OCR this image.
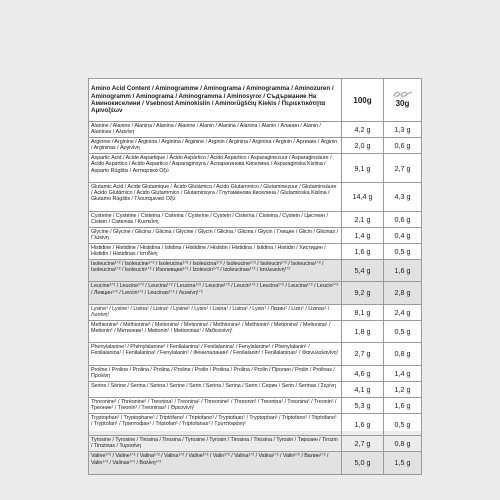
Amino Acid Content / Aminogramme / Aminograma / Aminogramma / Aminozuren / Aminogramm / Aminograma / Aminogramma / Aminosyror / Съдържание На Аминокиселини / Vsebnost Aminokislin / Aminorūgščių Kiekis / Περιεκτικότητα Αμινοξέων	100g	30g
Alanine / Alanine / Alanina / Alanina / Alanine / Alanin / Alanina / Alanina / Alanin / Аланин / Alanin / Alaninas / Αλανίνη	4,2 g	1,3 g
Arginine / Arginine / Arginina / Arginina / Arginine / Arginin / Arginina / Arginina / Arginin / Аргинин / Arginin / Argininas / Αργινίνη	2,0 g	0,6 g
Aspartic Acid / Acide Aspartique / Ácido Aspártico / Acido Aspartico / Asparaginezuur / Asparaginsäure / Ácido Aspártico / Acido Aspartico / Asparaginsyra / Аспарагинова Киселина / Asparaginska Kislina / Asparto Rūgštis / Ασπαρτικό Οξύ	9,1 g	2,7 g
Glutamic Acid / Acide Glutamique / Ácido Glutámico / Acido Glutammico / Glutaminezuur / Glutaminsäure / Ácido Glutâmico / Acido Glutammico / Glutaminsyra / Глутаминова Киселина / Glutaminska Kislina / Glutamo Rūgštis / Γλουταμινικό Οξύ	14,4 g	4,3 g
Cysteine / Cystéine / Cisteína / Cisteina / Cysteïne / Cystein / Cisteína / Cisteina / Cystein / Цистеин / Cistein / Cisteinas / Κυστεΐνη	2,1 g	0,6 g
Glycine / Glycine / Glicina / Glicina / Glycine / Glycin / Glicina / Glicina / Glycin / Глицин / Glicin / Glicinas / Γλυκίνη	1,4 g	0,4 g
Histidine / Histidine / Histidina / Istidina / Histidine / Histidin / Histidina / Istidina / Histidin / Хистидин / Histidin / Histidinas / Ιστιδίνη	1,6 g	0,5 g
Isoleucine¹ᐟ² / Isoleucine¹ᐟ² / Isoleucina¹ᐟ² / Isoleucina¹ᐟ² / Isoleucine¹ᐟ² / Isoleucin¹ᐟ² / Isoleucina¹ᐟ² / Isoleucina¹ᐟ² / Isoleucin¹ᐟ² / Изолевцин¹ᐟ² / Izolevcin¹ᐟ² / Izoleucinas¹ᐟ² / Ισολευκίνη¹ᐟ²	5,4 g	1,6 g
Leucine¹ᐟ² / Leucine¹ᐟ² / Leucina¹ᐟ² / Leucina¹ᐟ² / Leucine¹ᐟ² / Leucin¹ᐟ² / Leucina¹ᐟ² / Leucina¹ᐟ² / Leucin¹ᐟ² / Левцин¹ᐟ² / Levcin¹ᐟ² / Leucinas¹ᐟ² / Λευκίνη¹ᐟ²	9,2 g	2,8 g
Lysine¹ / Lysine¹ / Lisina¹ / Lisina¹ / Lysine¹ / Lysin¹ / Lisina¹ / Lisina¹ / Lysin¹ / Лизин¹ / Lizin¹ / Lizinas¹ / Λυσίνη¹	8,1 g	2,4 g
Methionine¹ / Méthionine¹ / Metionina¹ / Metionina¹ / Methionine¹ / Methionin¹ / Metionina¹ / Metionina¹ / Metionin¹ / Метионин¹ / Metionin¹ / Metioninas¹ / Μεθειονίνη¹	1,8 g	0,5 g
Phenylalanine¹ / Phénylalanine¹ / Fenilalanina¹ / Fenilalanina¹ / Fenylalanine¹ / Phenylalanin¹ / Fenilalanina¹ / Fenilalanina¹ / Fenylalanin¹ / Фенилаланин¹ / Fenilalanin¹ / Fenilalaninas¹ / Φαινυλαλανίνη¹	2,7 g	0,8 g
Proline / Proline / Prolina / Prolina / Proline / Prolin / Prolina / Prolina / Prolin / Пролин / Prolin / Prolinas / Προλίνη	4,6 g	1,4 g
Serine / Sérine / Serina / Serina / Serine / Serin / Serina / Serina / Serin / Серин / Serin / Serinas / Σερίνη	4,1 g	1,2 g
Threonine¹ / Thréonine¹ / Treonina¹ / Treonina¹ / Threonine¹ / Threonin¹ / Treonina¹ / Treonina¹ / Treonin¹ / Треонин¹ / Treonin¹ / Treoninas¹ / Θρεονίνη¹	5,3 g	1,6 g
Tryptophan¹ / Tryptophane¹ / Triptófano¹ / Triptofano¹ / Tryptofaan¹ / Tryptophan¹ / Triptofano¹ / Triptofano¹ / Tryptofan¹ / Триптофан¹ / Triptofan¹ / Triptofanas¹ / Τρυπτοφάνη¹	1,6 g	0,5 g
Tyrosine / Tyrosine / Tirosina / Tirosina / Tyrosine / Tyrosin / Tirosina / Tirosina / Tyrosin / Тирозин / Tirozin / Tirozinas / Τυροσίνη	2,7 g	0,8 g
Valine¹ᐟ² / Valine¹ᐟ² / Valina¹ᐟ² / Valina¹ᐟ² / Valine¹ᐟ² / Valin¹ᐟ² / Valina¹ᐟ² / Valina¹ᐟ² / Valin¹ᐟ² / Валин¹ᐟ² / Valin¹ᐟ² / Valinas¹ᐟ² / Βαλίνη¹ᐟ²	5,0 g	1,5 g
